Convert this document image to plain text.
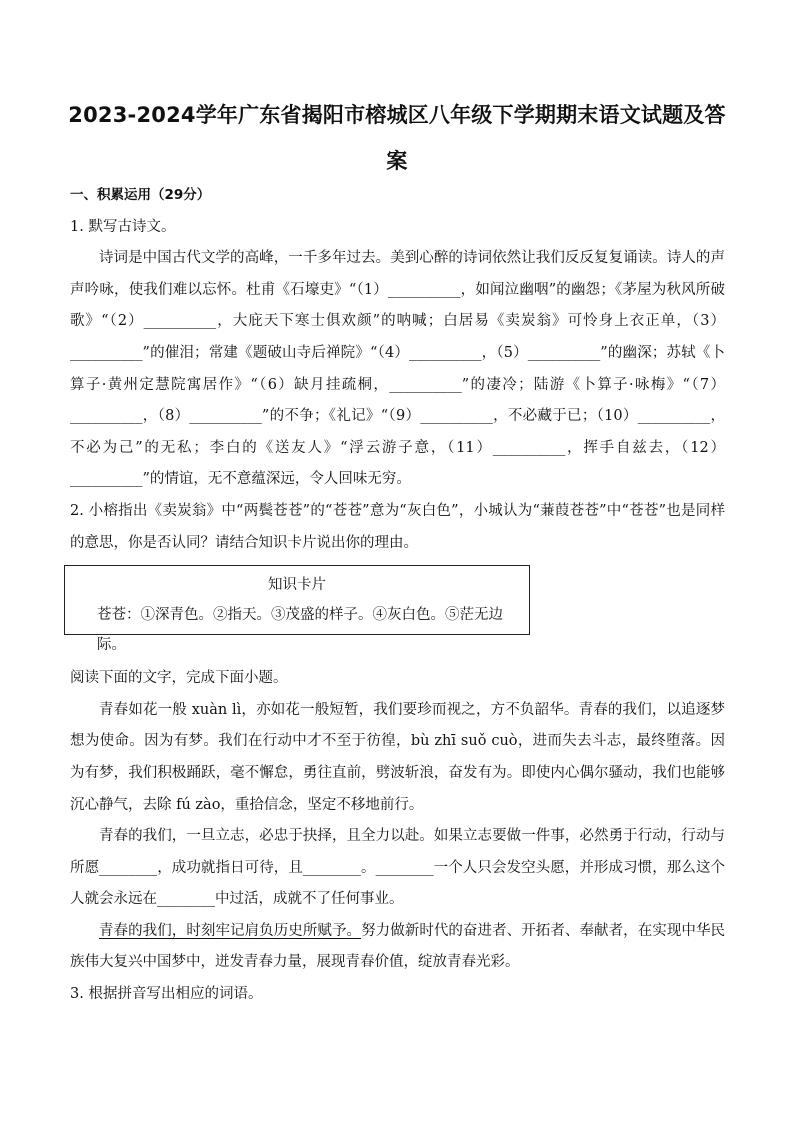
2023-2024学年广东省揭阳市榕城区八年级下学期期末语文试题及答
案

一、积累运用（29分）

1. 默写古诗文。

诗词是中国古代文学的高峰，一千多年过去。美到心醉的诗词依然让我们反反复复诵读。诗人的声声吟咏，使我们难以忘怀。杜甫《石壕吏》“（1）__________，如闻泣幽咽”的幽怨；《茅屋为秋风所破歌》“（2）__________，大庇天下寒士俱欢颜”的呐喊；白居易《卖炭翁》可怜身上衣正单，（3）__________”的催泪；常建《题破山寺后禅院》“（4）__________，（5）__________”的幽深；苏轼《卜算子·黄州定慧院寓居作》“（6）缺月挂疏桐，__________”的凄冷；陆游《卜算子·咏梅》“（7）__________，（8）__________”的不争；《礼记》“（9）__________，不必藏于已；（10）__________，不必为己”的无私；李白的《送友人》“浮云游子意，（11）__________，挥手自兹去，（12）__________”的情谊，无不意蕴深远，令人回味无穷。

2. 小榕指出《卖炭翁》中“两鬓苍苍”的“苍苍”意为“灰白色”，小城认为“蒹葭苍苍”中“苍苍”也是同样的意思，你是否认同？请结合知识卡片说出你的理由。

知识卡片
苍苍：①深青色。②指天。③茂盛的样子。④灰白色。⑤茫无边际。

阅读下面的文字，完成下面小题。

青春如花一般 xuàn lì，亦如花一般短暂，我们要珍而视之，方不负韶华。青春的我们，以追逐梦想为使命。因为有梦。我们在行动中才不至于彷徨，bù zhī suǒ cuò，进而失去斗志，最终堕落。因为有梦，我们积极踊跃，毫不懈怠，勇往直前，劈波斩浪，奋发有为。即使内心偶尔骚动，我们也能够沉心静气，去除 fú zào，重拾信念，坚定不移地前行。

青春的我们，一旦立志，必忠于抉择，且全力以赴。如果立志要做一件事，必然勇于行动，行动与所愿________，成功就指日可待，且________。________一个人只会发空头愿，并形成习惯，那么这个人就会永远在________中过活，成就不了任何事业。

青春的我们，时刻牢记肩负历史所赋予。努力做新时代的奋进者、开拓者、奉献者，在实现中华民族伟大复兴中国梦中，迸发青春力量，展现青春价值，绽放青春光彩。

3. 根据拼音写出相应的词语。
